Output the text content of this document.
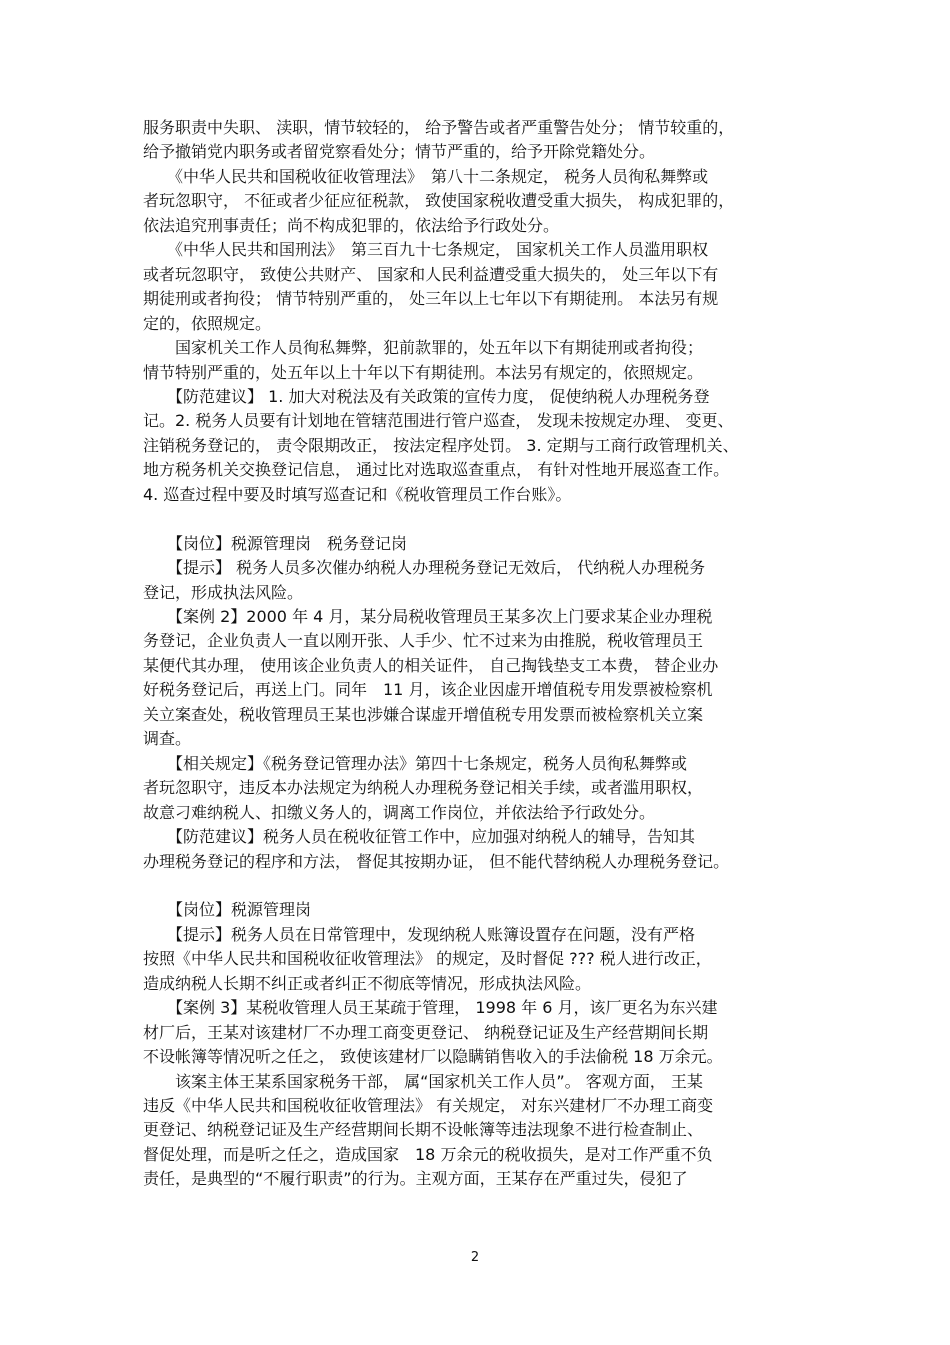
服务职责中失职、 渎职，情节较轻的， 给予警告或者严重警告处分； 情节较重的，
给予撤销党内职务或者留党察看处分；情节严重的，给予开除党籍处分。
　　《中华人民共和国税收征收管理法》　第八十二条规定， 税务人员徇私舞弊或
者玩忽职守， 不征或者少征应征税款， 致使国家税收遭受重大损失， 构成犯罪的，
依法追究刑事责任；尚不构成犯罪的，依法给予行政处分。
　　《中华人民共和国刑法》　第三百九十七条规定， 国家机关工作人员滥用职权
或者玩忽职守， 致使公共财产、 国家和人民利益遭受重大损失的， 处三年以下有
期徒刑或者拘役； 情节特别严重的， 处三年以上七年以下有期徒刑。 本法另有规
定的，依照规定。
　　国家机关工作人员徇私舞弊，犯前款罪的，处五年以下有期徒刑或者拘役；
情节特别严重的，处五年以上十年以下有期徒刑。本法另有规定的，依照规定。
　　【防范建议】 1. 加大对税法及有关政策的宣传力度， 促使纳税人办理税务登
记。2. 税务人员要有计划地在管辖范围进行管户巡查， 发现未按规定办理、 变更、
注销税务登记的， 责令限期改正， 按法定程序处罚。 3. 定期与工商行政管理机关、
地方税务机关交换登记信息， 通过比对选取巡查重点， 有针对性地开展巡查工作。
4. 巡查过程中要及时填写巡查记和《税收管理员工作台账》。
　　【岗位】税源管理岗　税务登记岗
　　【提示】 税务人员多次催办纳税人办理税务登记无效后， 代纳税人办理税务
登记，形成执法风险。
　　【案例 2】2000 年 4 月，某分局税收管理员王某多次上门要求某企业办理税
务登记，企业负责人一直以刚开张、人手少、忙不过来为由推脱，税收管理员王
某便代其办理， 使用该企业负责人的相关证件， 自己掏钱垫支工本费， 替企业办
好税务登记后，再送上门。同年　11 月，该企业因虚开增值税专用发票被检察机
关立案查处，税收管理员王某也涉嫌合谋虚开增值税专用发票而被检察机关立案
调查。
　　【相关规定】《税务登记管理办法》第四十七条规定，税务人员徇私舞弊或
者玩忽职守，违反本办法规定为纳税人办理税务登记相关手续，或者滥用职权，
故意刁难纳税人、扣缴义务人的，调离工作岗位，并依法给予行政处分。
　　【防范建议】税务人员在税收征管工作中，应加强对纳税人的辅导，告知其
办理税务登记的程序和方法， 督促其按期办证， 但不能代替纳税人办理税务登记。
　　【岗位】税源管理岗
　　【提示】税务人员在日常管理中，发现纳税人账簿设置存在问题，没有严格
按照《中华人民共和国税收征收管理法》 的规定，及时督促 ??? 税人进行改正，
造成纳税人长期不纠正或者纠正不彻底等情况，形成执法风险。
　　【案例 3】某税收管理人员王某疏于管理， 1998 年 6 月，该厂更名为东兴建
材厂后，王某对该建材厂不办理工商变更登记、 纳税登记证及生产经营期间长期
不设帐簿等情况听之任之， 致使该建材厂以隐瞒销售收入的手法偷税 18 万余元。
　　该案主体王某系国家税务干部， 属“国家机关工作人员”。 客观方面， 王某
违反《中华人民共和国税收征收管理法》 有关规定， 对东兴建材厂不办理工商变
更登记、纳税登记证及生产经营期间长期不设帐簿等违法现象不进行检查制止、
督促处理，而是听之任之，造成国家　18 万余元的税收损失，是对工作严重不负
责任，是典型的“不履行职责”的行为。主观方面，王某存在严重过失，侵犯了
2
